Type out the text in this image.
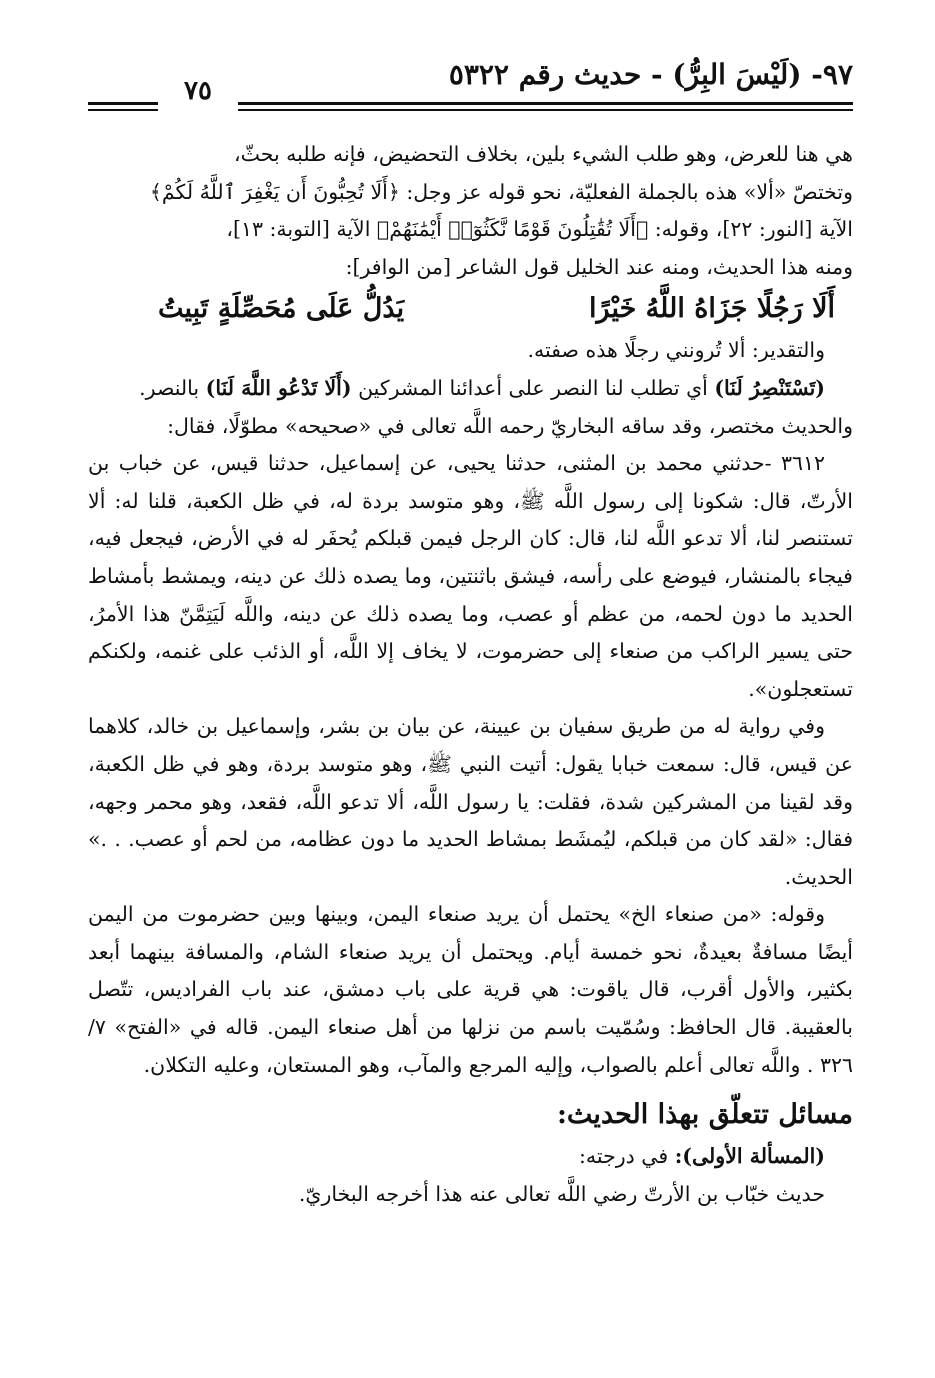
٩٧- (لَيْسَ البِرُّ) - حديث رقم ٥٣٢٢
٧٥

هي هنا للعرض، وهو طلب الشيء بلين، بخلاف التحضيض، فإنه طلبه بحثّ،

وتختصّ «ألا» هذه بالجملة الفعليّة، نحو قوله عز وجل: ﴿أَلَا تُحِبُّونَ أَن يَغْفِرَ ٱللَّهُ لَكُمْ﴾

الآية [النور: ٢٢]، وقوله: ﴿أَلَا تُقَٰتِلُونَ قَوْمًا نَّكَثُوٓا۟ أَيْمَٰنَهُمْ﴾ الآية [التوبة: ١٣]،

ومنه هذا الحديث، ومنه عند الخليل قول الشاعر [من الوافر]:

أَلَا رَجُلًا جَزَاهُ اللَّهُ خَيْرًا
يَدُلُّ عَلَى مُحَصِّلَةٍ تَبِيتُ

والتقدير: ألا تُرونني رجلًا هذه صفته.

(تَسْتَنْصِرُ لَنَا) أي تطلب لنا النصر على أعدائنا المشركين (أَلَا تَدْعُو اللَّهَ لَنَا) بالنصر.

والحديث مختصر، وقد ساقه البخاريّ رحمه اللَّه تعالى في «صحيحه» مطوّلًا، فقال:

٣٦١٢ -حدثني محمد بن المثنى، حدثنا يحيى، عن إسماعيل، حدثنا قيس، عن خباب بن الأرتّ، قال: شكونا إلى رسول اللَّه ﷺ، وهو متوسد بردة له، في ظل الكعبة، قلنا له: ألا تستنصر لنا، ألا تدعو اللَّه لنا، قال: كان الرجل فيمن قبلكم يُحفَر له في الأرض، فيجعل فيه، فيجاء بالمنشار، فيوضع على رأسه، فيشق باثنتين، وما يصده ذلك عن دينه، ويمشط بأمشاط الحديد ما دون لحمه، من عظم أو عصب، وما يصده ذلك عن دينه، واللَّه لَيَتِمَّنّ هذا الأمرُ، حتى يسير الراكب من صنعاء إلى حضرموت، لا يخاف إلا اللَّه، أو الذئب على غنمه، ولكنكم تستعجلون».

وفي رواية له من طريق سفيان بن عيينة، عن بيان بن بشر، وإسماعيل بن خالد، كلاهما عن قيس، قال: سمعت خبابا يقول: أتيت النبي ﷺ، وهو متوسد بردة، وهو في ظل الكعبة، وقد لقينا من المشركين شدة، فقلت: يا رسول اللَّه، ألا تدعو اللَّه، فقعد، وهو محمر وجهه، فقال: «لقد كان من قبلكم، ليُمشَط بمشاط الحديد ما دون عظامه، من لحم أو عصب. . .» الحديث.

وقوله: «من صنعاء الخ» يحتمل أن يريد صنعاء اليمن، وبينها وبين حضرموت من اليمن أيضًا مسافةٌ بعيدةٌ، نحو خمسة أيام. ويحتمل أن يريد صنعاء الشام، والمسافة بينهما أبعد بكثير، والأول أقرب، قال ياقوت: هي قرية على باب دمشق، عند باب الفراديس، تتّصل بالعقيبة. قال الحافظ: وسُمّيت باسم من نزلها من أهل صنعاء اليمن. قاله في «الفتح» ٧/ ٣٢٦ . واللَّه تعالى أعلم بالصواب، وإليه المرجع والمآب، وهو المستعان، وعليه التكلان.

مسائل تتعلّق بهذا الحديث:

(المسألة الأولى): في درجته:

حديث خبّاب بن الأرتّ رضي اللَّه تعالى عنه هذا أخرجه البخاريّ.
